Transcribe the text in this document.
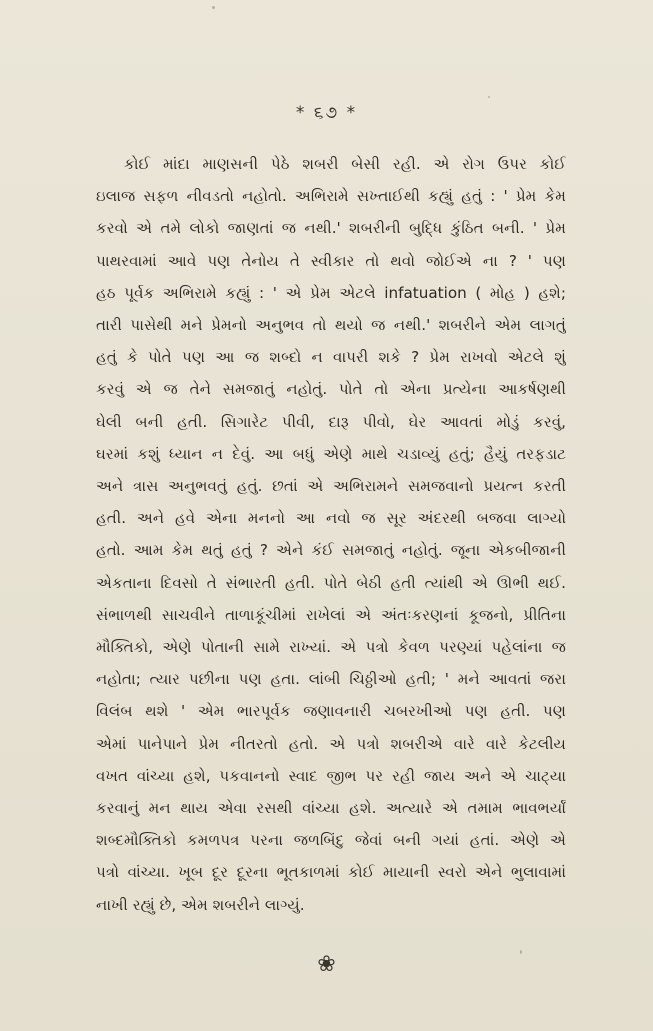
* ૬૭ *
કોઈ માંદા માણસની પેઠે શબરી બેસી રહી. એ રોગ ઉપર કોઈ
ઇલાજ સફળ નીવડતો નહોતો. અભિરામે સખ્તાઈથી કહ્યું હતું : ' પ્રેમ કેમ
કરવો એ તમે લોકો જાણતાં જ નથી.' શબરીની બુદ્ધિ કુંઠિત બની. ' પ્રેમ
પાથરવામાં આવે પણ તેનોય તે સ્વીકાર તો થવો જોઈએ ના ? ' પણ
હઠ પૂર્વક અભિરામે કહ્યું : ' એ પ્રેમ એટલે infatuation ( મોહ ) હશે;
તારી પાસેથી મને પ્રેમનો અનુભવ તો થયો જ નથી.' શબરીને એમ લાગતું
હતું કે પોતે પણ આ જ શબ્દો ન વાપરી શકે ? પ્રેમ રાખવો એટલે શું
કરવું એ જ તેને સમજાતું નહોતું. પોતે તો એના પ્રત્યેના આકર્ષણથી
ઘેલી બની હતી. સિગારેટ પીવી, દારૂ પીવો, ઘેર આવતાં મોડું કરવું,
ઘરમાં કશું ધ્યાન ન દેવું. આ બધું એણે માથે ચડાવ્યું હતું; હૈયું તરફડાટ
અને ત્રાસ અનુભવતું હતું. છતાં એ અભિરામને સમજવાનો પ્રયત્ન કરતી
હતી. અને હવે એના મનનો આ નવો જ સૂર અંદરથી બજવા લાગ્યો
હતો. આમ કેમ થતું હતું ? એને કંઈ સમજાતું નહોતું. જૂના એકબીજાની
એકતાના દિવસો તે સંભારતી હતી. પોતે બેઠી હતી ત્યાંથી એ ઊભી થઈ.
સંભાળથી સાચવીને તાળાકૂંચીમાં રાખેલાં એ અંતઃકરણનાં કૂજનો, પ્રીતિના
મૌક્તિકો, એણે પોતાની સામે રાખ્યાં. એ પત્રો કેવળ પરણ્યાં પહેલાંના જ
નહોતા; ત્યાર પછીના પણ હતા. લાંબી ચિઠ્ઠીઓ હતી; ' મને આવતાં જરા
વિલંબ થશે ' એમ ભારપૂર્વક જણાવનારી ચબરખીઓ પણ હતી. પણ
એમાં પાનેપાને પ્રેમ નીતરતો હતો. એ પત્રો શબરીએ વારે વારે કેટલીય
વખત વાંચ્યા હશે, પકવાનનો સ્વાદ જીભ પર રહી જાય અને એ ચાટ્યા
કરવાનું મન થાય એવા રસથી વાંચ્યા હશે. અત્યારે એ તમામ ભાવભર્યાં
શબ્દમૌક્તિકો કમળપત્ર પરના જળબિંદુ જેવાં બની ગયાં હતાં. એણે એ
પત્રો વાંચ્યા. ખૂબ દૂર દૂરના ભૂતકાળમાં કોઈ માયાની સ્વરો એને ભુલાવામાં
નાખી રહ્યું છે, એમ શબરીને લાગ્યું.
❀
